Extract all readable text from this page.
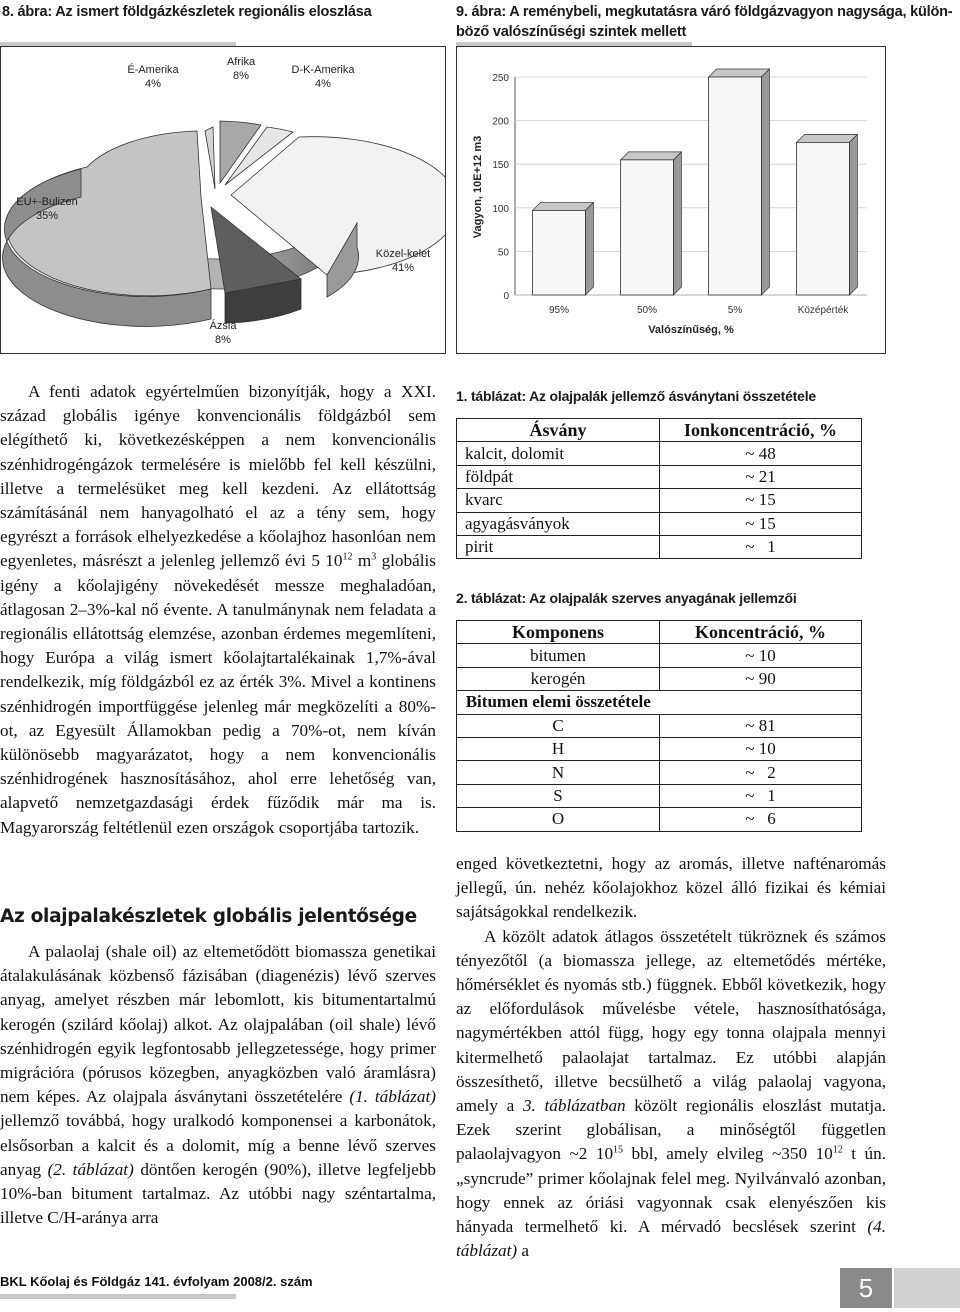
8. ábra: Az ismert földgázkészletek regionális eloszlása	9. ábra: A reménybeli, megkutatásra váró földgázvagyon nagysága, külön-
böző valószínűségi szintek mellett
É-Amerika
4%
Afrika
8%	D-K-Amerika
4%
Közel-kelet
41%
Ázsia
8%
EU+-Bulizen
35%
0
50
100
150
200
250
95%	50%	5%	Középérték
Vagyon, 10E+12 m3
Valószínűség, %

A fenti adatok egyértelműen bizonyítják, hogy a XXI. század globális igénye konvencionális földgázból sem elégíthető ki, következésképpen a nem konvencionális szénhidrogéngázok termelésére is mielőbb fel kell készülni, illetve a termelésüket meg kell kezdeni. Az ellátottság számításánál nem hanyagolható el az a tény sem, hogy egyrészt a források elhelyezkedése a kőolajhoz hasonlóan nem egyenletes, másrészt a jelenleg jellemző évi 5 $10^{12}$ $m^3$ globális igény a kőolajigény növekedését messze meghaladóan, átlagosan 2–3%-kal nő évente. A tanulmánynak nem feladata a regionális ellátottság elemzése, azonban érdemes megemlíteni, hogy Európa a világ ismert kőolajtartalékainak 1,7%-ával rendelkezik, míg földgázból ez az érték 3%. Mivel a kontinens szénhidrogén importfüggése jelenleg már megközelíti a 80%-ot, az Egyesült Államokban pedig a 70%-ot, nem kíván különösebb magyarázatot, hogy a nem konvencionális szénhidrogének hasznosításához, ahol erre lehetőség van, alapvető nemzetgazdasági érdek fűződik már ma is. Magyarország feltétlenül ezen országok csoportjába tartozik.

Az olajpalakészletek globális jelentősége

A palaolaj (shale oil) az eltemetődött biomassza genetikai átalakulásának közbenső fázisában (diagenézis) lévő szerves anyag, amelyet részben már lebomlott, kis bitumentartalmú kerogén (szilárd kőolaj) alkot. Az olajpalában (oil shale) lévő szénhidrogén egyik legfontosabb jellegzetessége, hogy primer migrációra (pórusos közegben, anyagközben való áramlásra) nem képes. Az olajpala ásványtani összetételére (1. táblázat) jellemző továbbá, hogy uralkodó komponensei a karbonátok, elsősorban a kalcit és a dolomit, míg a benne lévő szerves anyag (2. táblázat) döntően kerogén (90%), illetve legfeljebb 10%-ban bitument tartalmaz. Az utóbbi nagy széntartalma, illetve C/H-aránya arra

1. táblázat: Az olajpalák jellemző ásványtani összetétele
Ásvány	Ionkoncentráció, %
kalcit, dolomit	~ 48
földpát	~ 21
kvarc	~ 15
agyagásványok	~ 15
pirit	~   1
2. táblázat: Az olajpalák szerves anyagának jellemzői
Komponens	Koncentráció, %
bitumen	~ 10
kerogén	~ 90
Bitumen elemi összetétele	
C	~ 81
H	~ 10
N	~   2
S	~   1
O	~   6

enged következtetni, hogy az aromás, illetve nafténaromás jellegű, ún. nehéz kőolajokhoz közel álló fizikai és kémiai sajátságokkal rendelkezik.

A közölt adatok átlagos összetételt tükröznek és számos tényezőtől (a biomassza jellege, az eltemetődés mértéke, hőmérséklet és nyomás stb.) függnek. Ebből következik, hogy az előfordulások művelésbe vétele, hasznosíthatósága, nagymértékben attól függ, hogy egy tonna olajpala mennyi kitermelhető palaolajat tartalmaz. Ez utóbbi alapján összesíthető, illetve becsülhető a világ palaolaj vagyona, amely a 3. táblázatban közölt regionális eloszlást mutatja. Ezek szerint globálisan, a minőségtől független palaolajvagyon ~2 $10^{15}$ bbl, amely elvileg ~350 $10^{12}$ t ún. „syncrude” primer kőolajnak felel meg. Nyilvánvaló azonban, hogy ennek az óriási vagyonnak csak elenyészően kis hányada termelhető ki. A mérvadó becslések szerint (4. táblázat) a

BKL Kőolaj és Földgáz 141. évfolyam 2008/2. szám	5
